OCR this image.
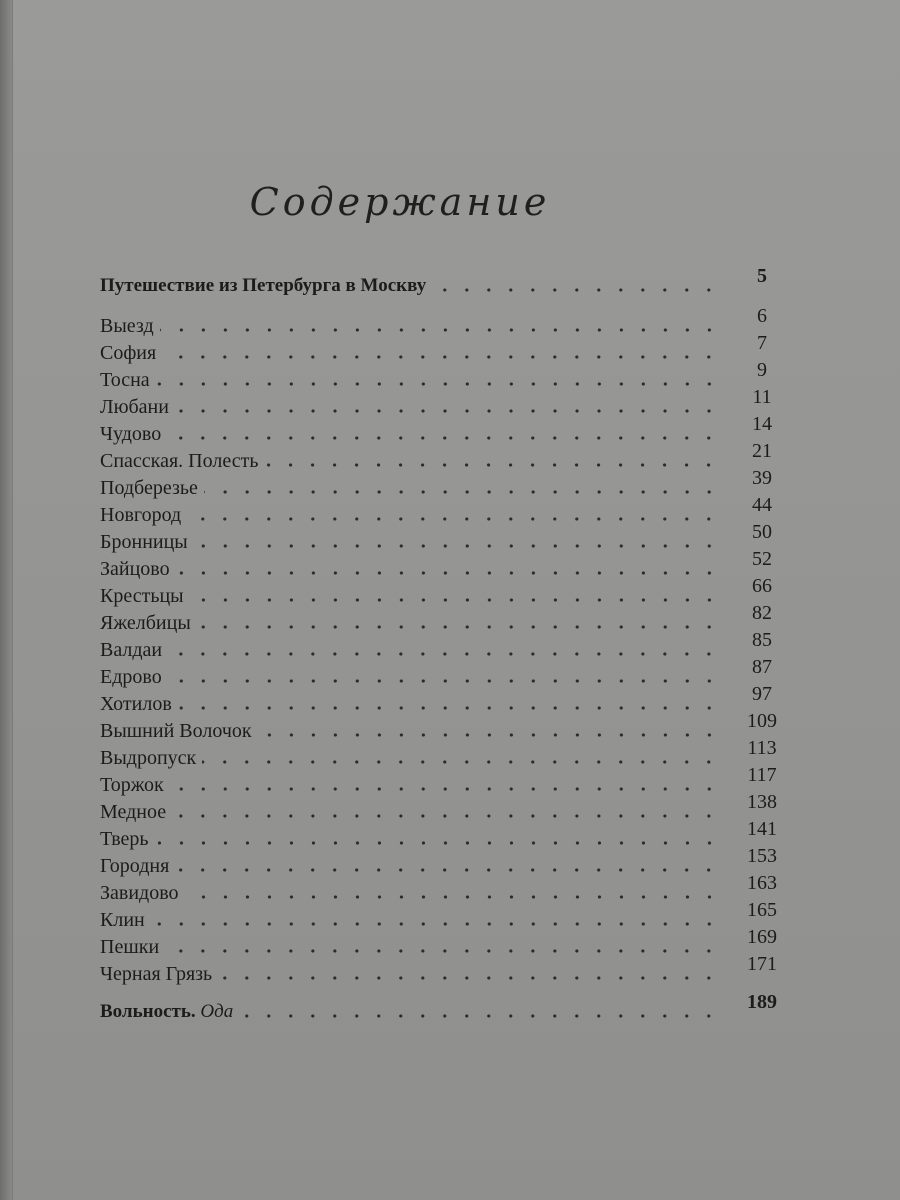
Содержание
Путешествие из Петербурга в Москву	5
Выезд	6
София	7
Тосна	9
Любани	11
Чудово	14
Спасская. Полесть	21
Подберезье	39
Новгород	44
Бронницы	50
Зайцово	52
Крестьцы	66
Яжелбицы	82
Валдаи	85
Едрово	87
Хотилов	97
Вышний Волочок	109
Выдропуск	113
Торжок	117
Медное	138
Тверь	141
Городня	153
Завидово	163
Клин	165
Пешки	169
Черная Грязь	171
Вольность. Ода	189
